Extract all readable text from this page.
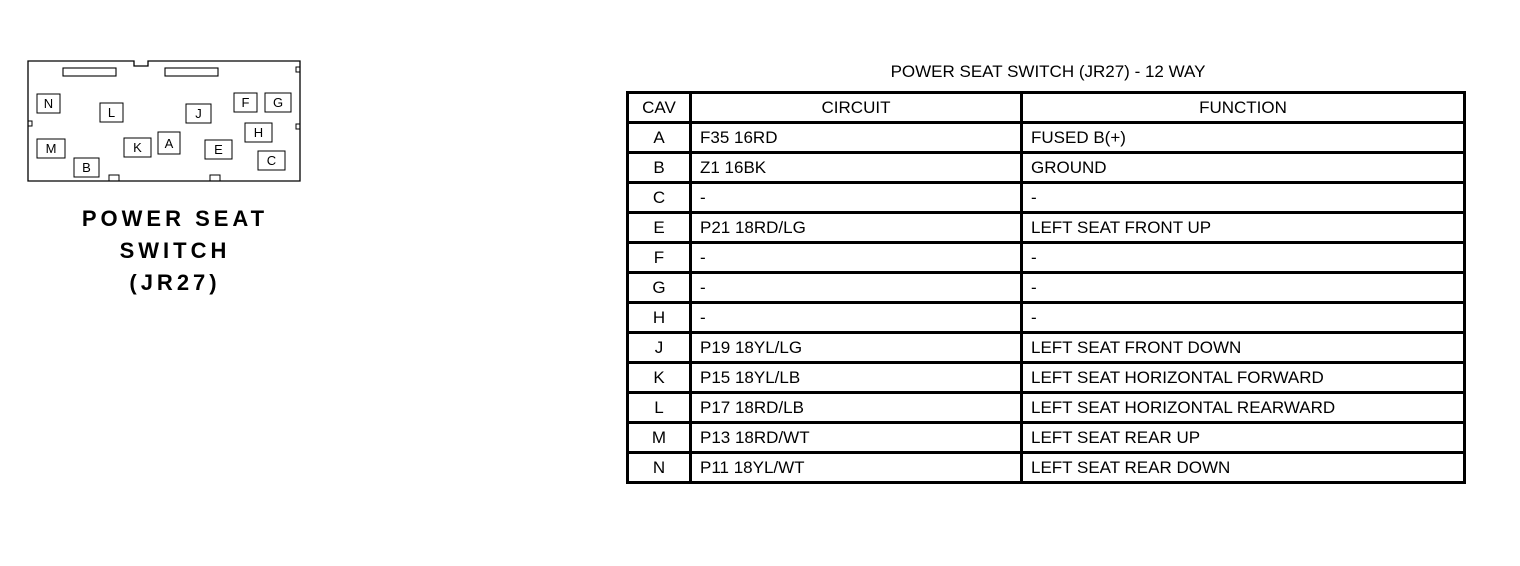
N
L	J
F G
H
M	K A	E
C
B
POWER SEAT
SWITCH
(JR27)
POWER SEAT SWITCH (JR27) - 12 WAY
CAV	CIRCUIT	FUNCTION
A	F35 16RD	FUSED B(+)
B	Z1 16BK	GROUND
C	-	-
E	P21 18RD/LG	LEFT SEAT FRONT UP
F	-	-
G	-	-
H	-	-
J	P19 18YL/LG	LEFT SEAT FRONT DOWN
K	P15 18YL/LB	LEFT SEAT HORIZONTAL FORWARD
L	P17 18RD/LB	LEFT SEAT HORIZONTAL REARWARD
M	P13 18RD/WT	LEFT SEAT REAR UP
N	P11 18YL/WT	LEFT SEAT REAR DOWN
